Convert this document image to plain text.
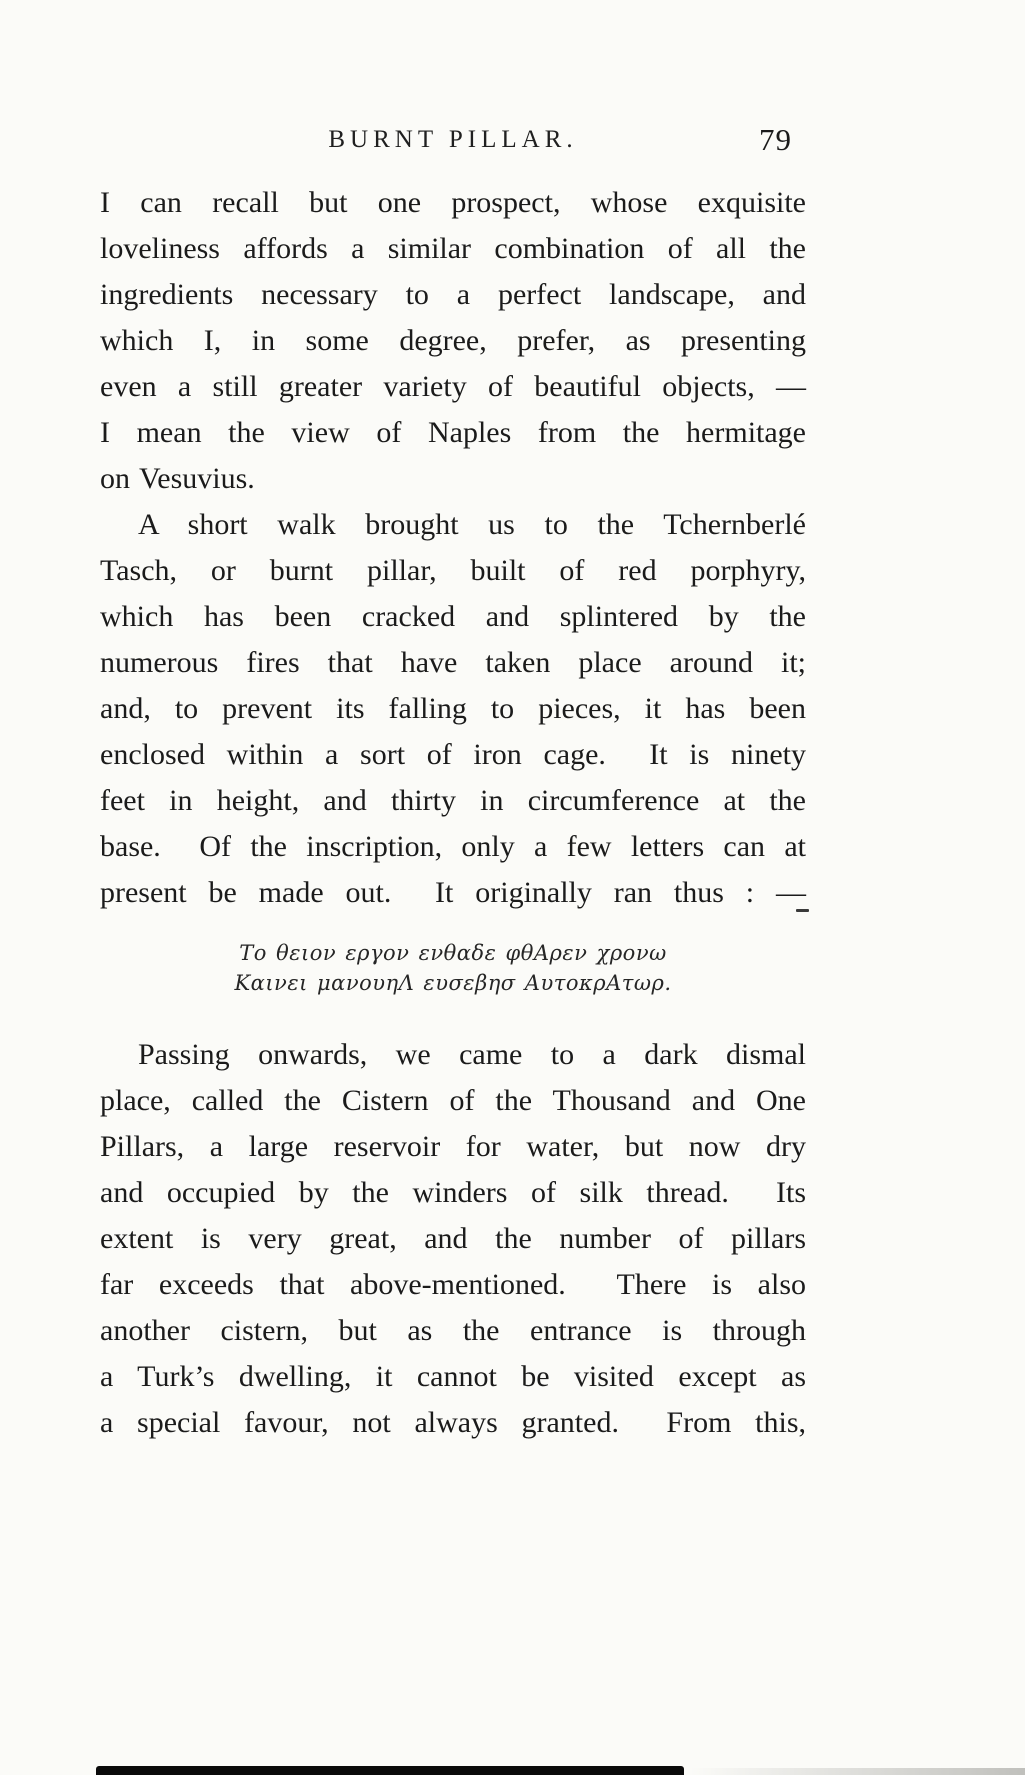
BURNT PILLAR.	79
I can recall but one prospect, whose exquisite
loveliness affords a similar combination of all the
ingredients necessary to a perfect landscape, and
which I, in some degree, prefer, as presenting
even a still greater variety of beautiful objects, —
I mean the view of Naples from the hermitage
on Vesuvius.
A short walk brought us to the Tchernberlé
Tasch, or burnt pillar, built of red porphyry,
which has been cracked and splintered by the
numerous fires that have taken place around it;
and, to prevent its falling to pieces, it has been
enclosed within a sort of iron cage.  It is ninety
feet in height, and thirty in circumference at the
base.  Of the inscription, only a few letters can at
present be made out.  It originally ran thus : —
Το θειον εργον ενθαδε φθΑρεν χρονω
Καινει μανουηΛ ευσεβησ ΑυτοκρΑτωρ.
Passing onwards, we came to a dark dismal
place, called the Cistern of the Thousand and One
Pillars, a large reservoir for water, but now dry
and occupied by the winders of silk thread.  Its
extent is very great, and the number of pillars
far exceeds that above-mentioned.  There is also
another cistern, but as the entrance is through
a Turk’s dwelling, it cannot be visited except as
a special favour, not always granted.  From this,
